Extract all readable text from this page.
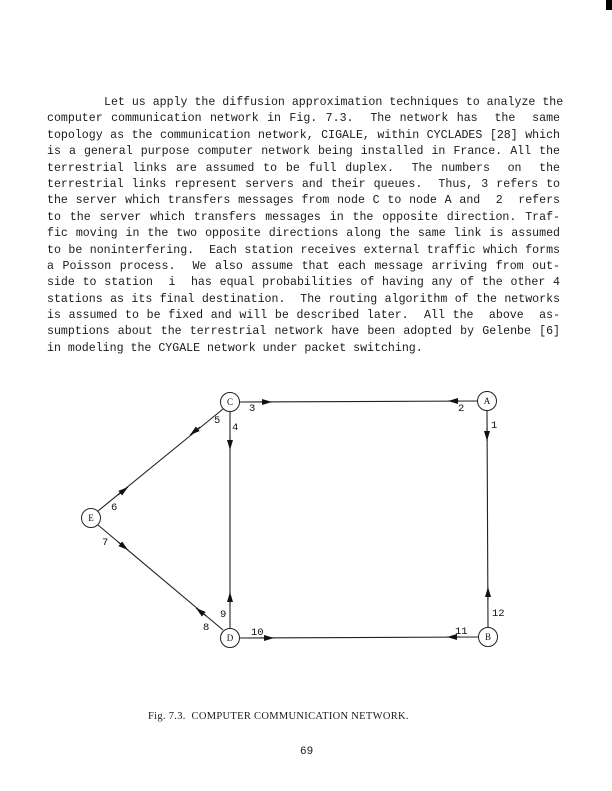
Let us apply the diffusion approximation techniques to analyze the
computer communication network in Fig. 7.3.  The network has  the  same
topology as the communication network, CIGALE, within CYCLADES [28] which
is a general purpose computer network being installed in France. All the
terrestrial links are assumed to be full duplex.  The numbers  on  the
terrestrial links represent servers and their queues.  Thus, 3 refers to
the server which transfers messages from node C to node A and  2  refers
to the server which transfers messages in the opposite direction. Traf-
fic moving in the two opposite directions along the same link is assumed
to be noninterfering.  Each station receives external traffic which forms
a Poisson process.  We also assume that each message arriving from out-
side to station  i  has equal probabilities of having any of the other 4
stations as its final destination.  The routing algorithm of the networks
is assumed to be fixed and will be described later.  All the  above  as-
sumptions about the terrestrial network have been adopted by Gelenbe [6]
in modeling the CYGALE network under packet switching.
A
B
C
D
E
1
2
3
4
5
6
7
8
9
10	11
12
Fig. 7.3.  COMPUTER COMMUNICATION NETWORK.
69
